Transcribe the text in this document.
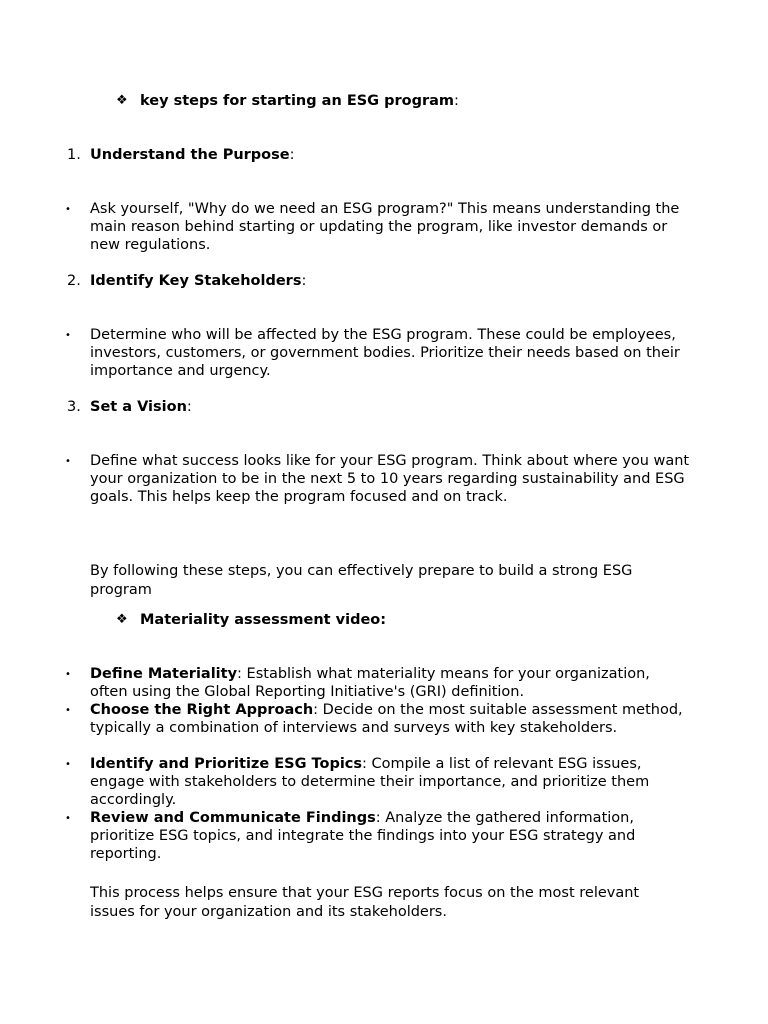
❖ key steps for starting an ESG program:
1. Understand the Purpose:
• Ask yourself, "Why do we need an ESG program?" This means understanding the main reason behind starting or updating the program, like investor demands or new regulations.

2. Identify Key Stakeholders:
• Determine who will be affected by the ESG program. These could be employees, investors, customers, or government bodies. Prioritize their needs based on their importance and urgency.

3. Set a Vision:
• Define what success looks like for your ESG program. Think about where you want your organization to be in the next 5 to 10 years regarding sustainability and ESG goals. This helps keep the program focused and on track.

By following these steps, you can effectively prepare to build a strong ESG program

❖ Materiality assessment video:
• Define Materiality: Establish what materiality means for your organization, often using the Global Reporting Initiative's (GRI) definition.

• Choose the Right Approach: Decide on the most suitable assessment method, typically a combination of interviews and surveys with key stakeholders.

• Identify and Prioritize ESG Topics: Compile a list of relevant ESG issues, engage with stakeholders to determine their importance, and prioritize them accordingly.

• Review and Communicate Findings: Analyze the gathered information, prioritize ESG topics, and integrate the findings into your ESG strategy and reporting.

This process helps ensure that your ESG reports focus on the most relevant issues for your organization and its stakeholders.
